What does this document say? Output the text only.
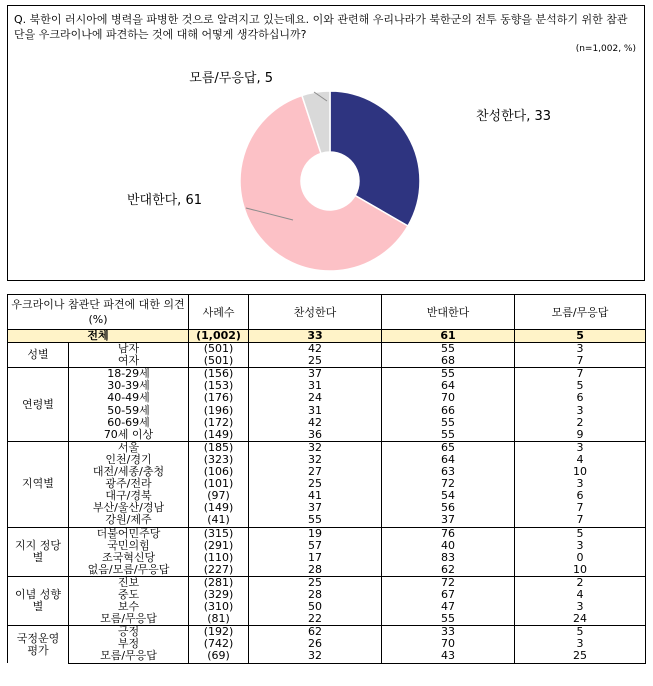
Q. 북한이 러시아에 병력을 파병한 것으로 알려지고 있는데요. 이와 관련해 우리나라가 북한군의 전투 동향을 분석하기 위한 참관단을 우크라이나에 파견하는 것에 대해 어떻게 생각하십니까?
(n=1,002, %)
찬성한다, 33
반대한다, 61
모름/무응답, 5
우크라이나 참관단 파견에 대한 의견(%)		사례수	찬성한다	반대한다	모름/무응답
전체		(1,002)	33	61	5
성별	남자	(501)	42	55	3
	여자	(501)	25	68	7
연령별	18-29세	(156)	37	55	7
	30-39세	(153)	31	64	5
	40-49세	(176)	24	70	6
	50-59세	(196)	31	66	3
	60-69세	(172)	42	55	2
	70세 이상	(149)	36	55	9
지역별	서울	(185)	32	65	3
	인천/경기	(323)	32	64	4
	대전/세종/충청	(106)	27	63	10
	광주/전라	(101)	25	72	3
	대구/경북	(97)	41	54	6
	부산/울산/경남	(149)	37	56	7
	강원/제주	(41)	55	37	7
지지 정당별	더불어민주당	(315)	19	76	5
	국민의힘	(291)	57	40	3
	조국혁신당	(110)	17	83	0
	없음/모름/무응답	(227)	28	62	10
이념 성향별	진보	(281)	25	72	2
	중도	(329)	28	67	4
	보수	(310)	50	47	3
	모름/무응답	(81)	22	55	24
국정운영 평가	긍정	(192)	62	33	5
	부정	(742)	26	70	3
	모름/무응답	(69)	32	43	25
